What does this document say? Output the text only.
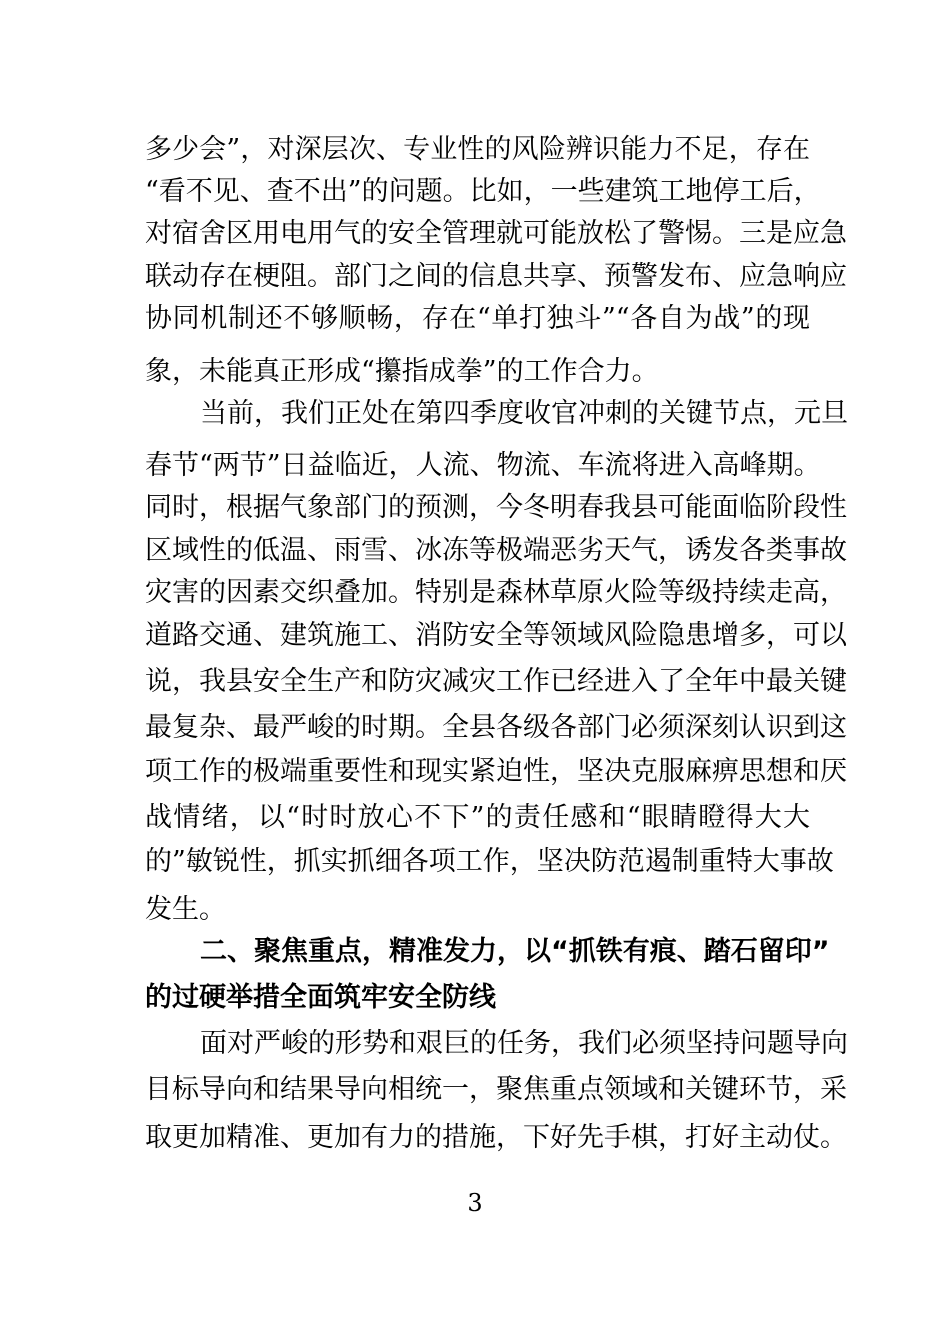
多少会”，对深层次、专业性的风险辨识能力不足，存在
“看不见、查不出”的问题。比如，一些建筑工地停工后，
对宿舍区用电用气的安全管理就可能放松了警惕。三是应急
联动存在梗阻。部门之间的信息共享、预警发布、应急响应
协同机制还不够顺畅，存在“单打独斗”“各自为战”的现
象，未能真正形成“攥指成拳”的工作合力。
当前，我们正处在第四季度收官冲刺的关键节点，元旦
春节“两节”日益临近，人流、物流、车流将进入高峰期。
同时，根据气象部门的预测，今冬明春我县可能面临阶段性
区域性的低温、雨雪、冰冻等极端恶劣天气，诱发各类事故
灾害的因素交织叠加。特别是森林草原火险等级持续走高，
道路交通、建筑施工、消防安全等领域风险隐患增多，可以
说，我县安全生产和防灾减灾工作已经进入了全年中最关键
最复杂、最严峻的时期。全县各级各部门必须深刻认识到这
项工作的极端重要性和现实紧迫性，坚决克服麻痹思想和厌
战情绪，以“时时放心不下”的责任感和“眼睛瞪得大大
的”敏锐性，抓实抓细各项工作，坚决防范遏制重特大事故
发生。
二、聚焦重点，精准发力，以“抓铁有痕、踏石留印”
的过硬举措全面筑牢安全防线
面对严峻的形势和艰巨的任务，我们必须坚持问题导向
目标导向和结果导向相统一，聚焦重点领域和关键环节，采
取更加精准、更加有力的措施，下好先手棋，打好主动仗。
3
